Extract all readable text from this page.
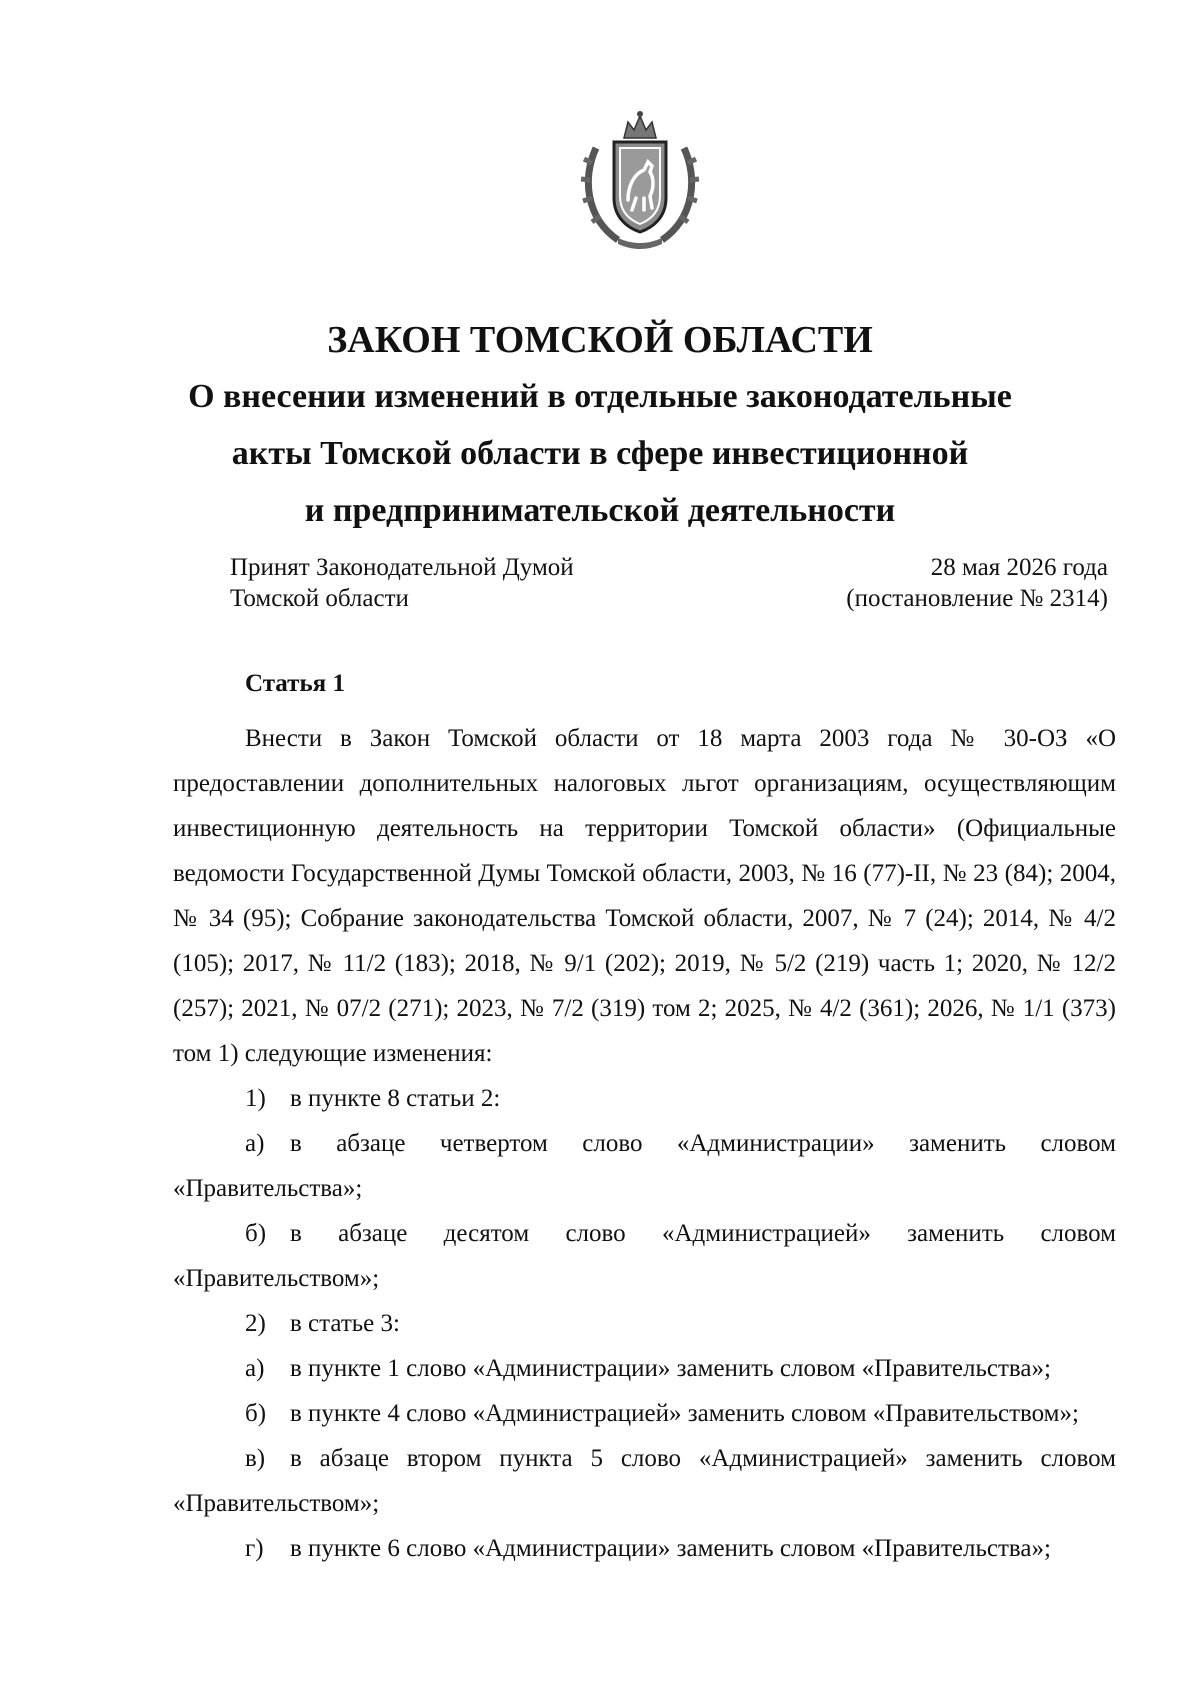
ЗАКОН ТОМСКОЙ ОБЛАСТИ
О внесении изменений в отдельные законодательные
акты Томской области в сфере инвестиционной
и предпринимательской деятельности
Принят Законодательной Думой
Томской области
28 мая 2026 года
(постановление № 2314)
Статья 1

Внести в Закон Томской области от 18 марта 2003 года № 30-ОЗ «О предоставлении дополнительных налоговых льгот организациям, осуществляющим инвестиционную деятельность на территории Томской области» (Официальные ведомости Государственной Думы Томской области, 2003, № 16 (77)-II, № 23 (84); 2004, № 34 (95); Собрание законодательства Томской области, 2007, № 7 (24); 2014, № 4/2 (105); 2017, № 11/2 (183); 2018, № 9/1 (202); 2019, № 5/2 (219) часть 1; 2020, № 12/2 (257); 2021, № 07/2 (271); 2023, № 7/2 (319) том 2; 2025, № 4/2 (361); 2026, № 1/1 (373) том 1) следующие изменения:

1) в пункте 8 статьи 2:

а) в абзаце четвертом слово «Администрации» заменить словом «Правительства»;

б) в абзаце десятом слово «Администрацией» заменить словом «Правительством»;

2) в статье 3:

а) в пункте 1 слово «Администрации» заменить словом «Правительства»;

б) в пункте 4 слово «Администрацией» заменить словом «Правительством»;

в) в абзаце втором пункта 5 слово «Администрацией» заменить словом «Правительством»;

г) в пункте 6 слово «Администрации» заменить словом «Правительства»;
